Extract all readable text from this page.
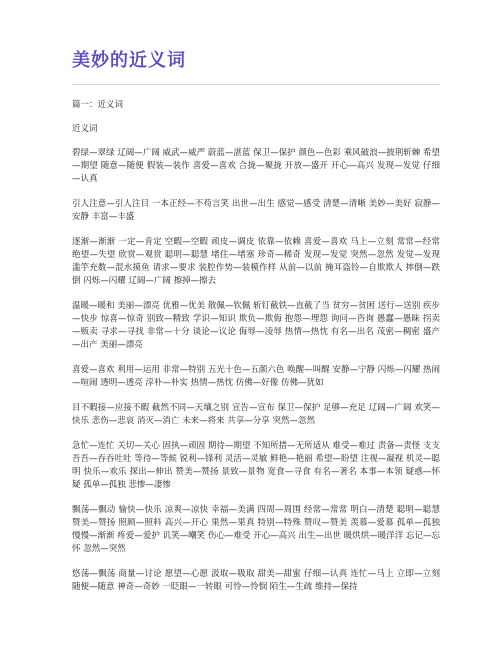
美妙的近义词
篇一：近义词
近义词
碧绿—翠绿 辽阔—广阔 威武—威严 蔚蓝—湛蓝 保卫—保护 颜色—色彩 乘风破浪—披荆斩棘 希望—期望 随意—随便 假装—装作 喜爱—喜欢 合拢—聚拢 开放—盛开 开心—高兴 发现—发觉 仔细—认真
引人注意—引人注目 一本正经—不苟言笑 出世—出生 感觉—感受 清楚—清晰 美妙—美好 寂静—安静 丰富—丰盛
逐渐—渐渐 一定—肯定 空暇—空暇 顽皮—调皮 依靠—依赖 喜爱—喜欢 马上—立刻 常常—经常 绝望—失望 欣赏—观赏 聪明—聪慧 堵住—堵塞 珍奇—稀奇 发现—发觉 突然—忽然 发觉—发现 滥竽充数—混水摸鱼 请求—要求 装腔作势—装模作样 从前—以前 掩耳盗铃—自欺欺人 摔倒—跌倒 闪烁—闪耀 辽阔—广阔 擦掉—擦去
温暖—暖和 美丽—漂亮 优雅—优美 散佩—钦佩 斩钉截铁—直截了当 贫穷—贫困 送行—送别 疾步—快步 惊喜—惊奇 别致—精致 学识—知识 欺负—欺侮 抱怨—埋怨 询问—咨询 愚蠢—愚昧 拐卖—贩卖 寻求—寻找 非常—十分 谈论—议论 侮辱—凌辱 热情—热忱 有名—出名 茂密—稠密 盛产—出产 美丽—漂亮
喜爱—喜欢 利用—运用 非常—特别 五光十色—五颜六色 唤醒—叫醒 安静—宁静 闪烁—闪耀 热闹—喧闹 透明—透亮 淳朴—朴实 热情—热忱 仿佛—好像 仿佛—犹如
目不暇接—应接不暇 截然不同—天壤之别 宣告—宣布 保卫—保护 足够—充足 辽阔—广阔 欢笑—快乐 悲伤—悲哀 消灭—消亡 未来—将来 共享—分享 突然—忽然
急忙—连忙 关切—关心 固执—顽固 期待—期望 不知所措—无所适从 难受—难过 责备—责怪 支支吾吾—吞吞吐吐 等待—等候 锐利—锋利 灵活—灵敏 鲜艳—艳丽 希望—盼望 注视—凝视 机灵—聪明 快乐—欢乐 探出—伸出 赞美—赞扬 景致—景物 宽食—寻食 有名—著名 本事—本领 疑惑—怀疑 孤单—孤独 悲惨—凄惨
飘荡—飘动 愉快—快乐 凉爽—凉快 幸福—美满 四周—周围 经常—常常 明白—清楚 聪明—聪慧 赞美—赞扬 照顾—照料 高兴—开心 果然—果真 特别—特殊 赞叹—赞美 羡慕—爱慕 孤单—孤独 慢慢—渐渐 疼爱—爱护 讥笑—嘲笑 伤心—难受 开心—高兴 出生—出世 暖烘烘—暖洋洋 忘记—忘怀 忽然—突然
悠荡—飘荡 商量—讨论 愿望—心愿 汲取—吸取 甜美—甜蜜 仔细—认真 连忙—马上 立即—立刻 随便—随意 神奇—奇妙 一眨眼—一转眼 可怜—怜悯 陌生—生疏 维持—保持
